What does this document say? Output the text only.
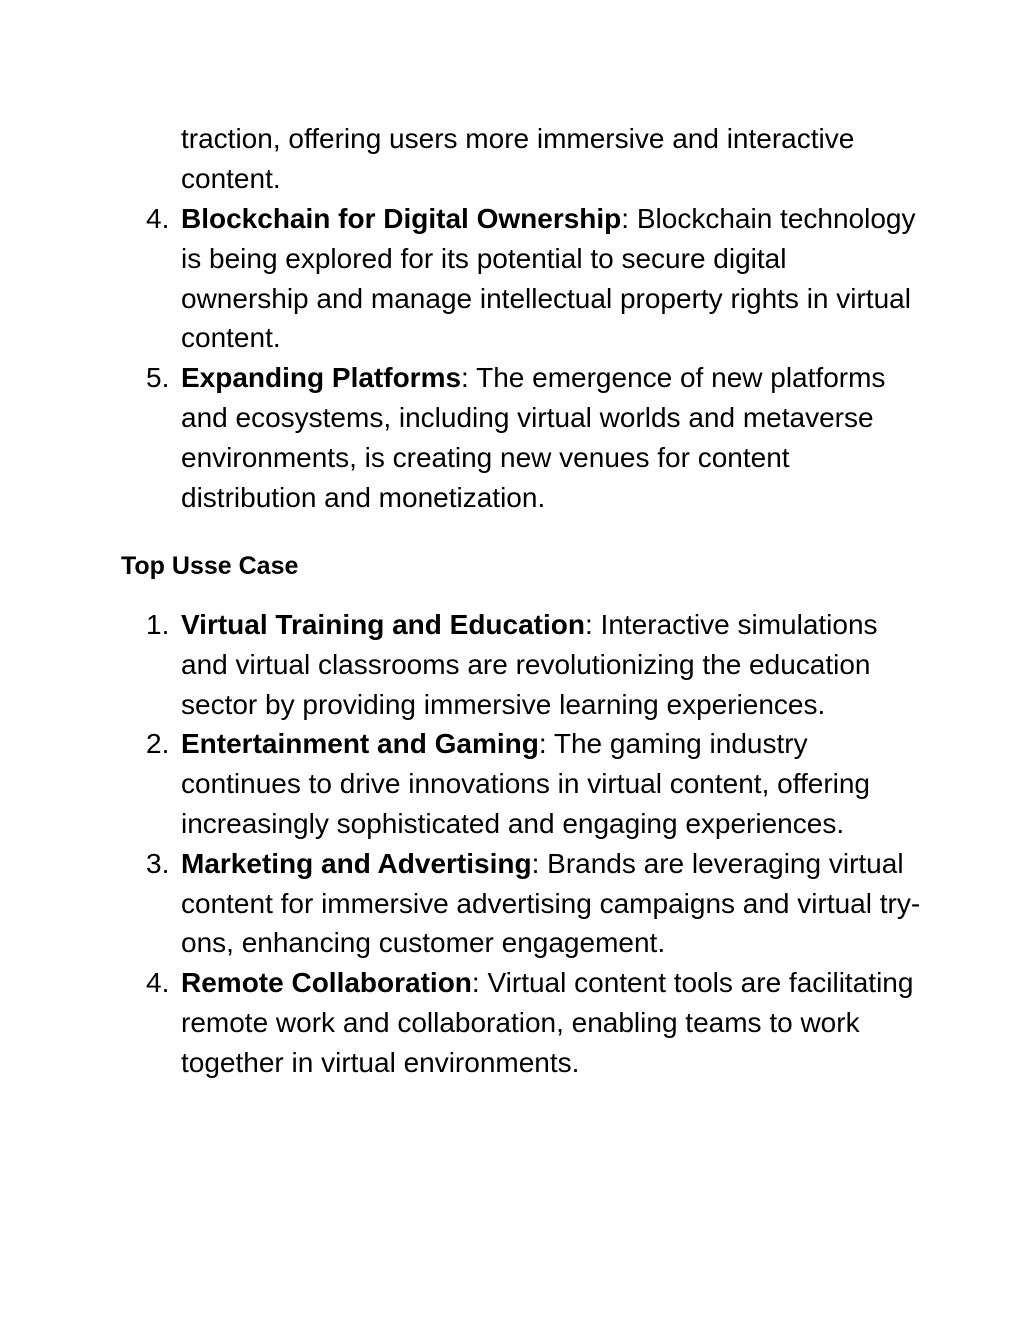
traction, offering users more immersive and interactive content.
4. Blockchain for Digital Ownership: Blockchain technology is being explored for its potential to secure digital ownership and manage intellectual property rights in virtual content.
5. Expanding Platforms: The emergence of new platforms and ecosystems, including virtual worlds and metaverse environments, is creating new venues for content distribution and monetization.
Top Usse Case
1. Virtual Training and Education: Interactive simulations and virtual classrooms are revolutionizing the education sector by providing immersive learning experiences.
2. Entertainment and Gaming: The gaming industry continues to drive innovations in virtual content, offering increasingly sophisticated and engaging experiences.
3. Marketing and Advertising: Brands are leveraging virtual content for immersive advertising campaigns and virtual try-ons, enhancing customer engagement.
4. Remote Collaboration: Virtual content tools are facilitating remote work and collaboration, enabling teams to work together in virtual environments.
